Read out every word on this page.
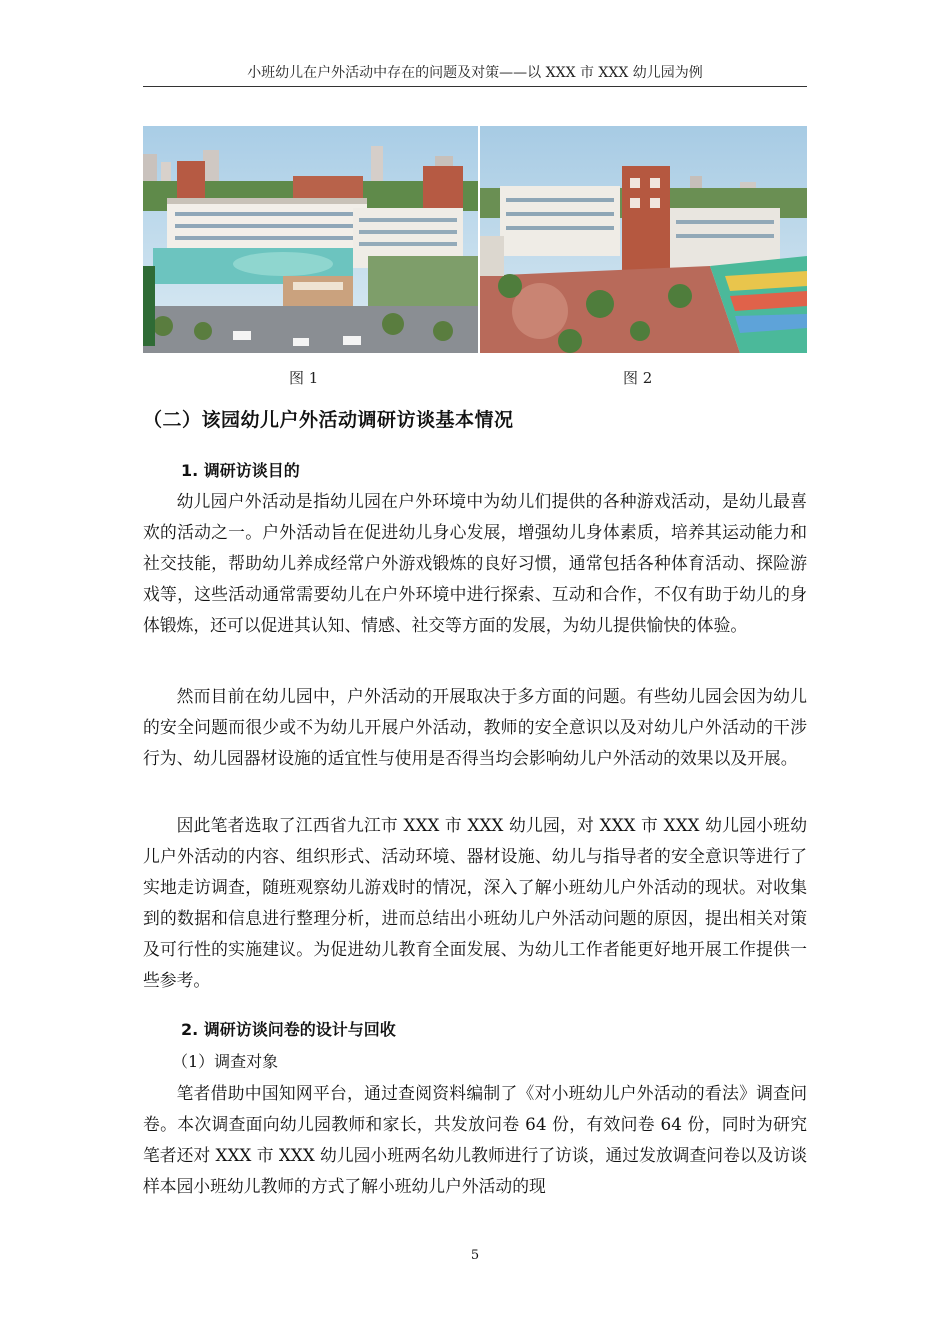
小班幼儿在户外活动中存在的问题及对策——以 XXX 市 XXX 幼儿园为例
图 1	图 2
（二）该园幼儿户外活动调研访谈基本情况
1. 调研访谈目的

幼儿园户外活动是指幼儿园在户外环境中为幼儿们提供的各种游戏活动，是幼儿最喜欢的活动之一。户外活动旨在促进幼儿身心发展，增强幼儿身体素质，培养其运动能力和社交技能，帮助幼儿养成经常户外游戏锻炼的良好习惯，通常包括各种体育活动、探险游戏等，这些活动通常需要幼儿在户外环境中进行探索、互动和合作，不仅有助于幼儿的身体锻炼，还可以促进其认知、情感、社交等方面的发展，为幼儿提供愉快的体验。

然而目前在幼儿园中，户外活动的开展取决于多方面的问题。有些幼儿园会因为幼儿的安全问题而很少或不为幼儿开展户外活动，教师的安全意识以及对幼儿户外活动的干涉行为、幼儿园器材设施的适宜性与使用是否得当均会影响幼儿户外活动的效果以及开展。

因此笔者选取了江西省九江市 XXX 市 XXX 幼儿园，对 XXX 市 XXX 幼儿园小班幼儿户外活动的内容、组织形式、活动环境、器材设施、幼儿与指导者的安全意识等进行了实地走访调查，随班观察幼儿游戏时的情况，深入了解小班幼儿户外活动的现状。对收集到的数据和信息进行整理分析，进而总结出小班幼儿户外活动问题的原因，提出相关对策及可行性的实施建议。为促进幼儿教育全面发展、为幼儿工作者能更好地开展工作提供一些参考。

2. 调研访谈问卷的设计与回收
（1）调查对象

笔者借助中国知网平台，通过查阅资料编制了《对小班幼儿户外活动的看法》调查问卷。本次调查面向幼儿园教师和家长，共发放问卷 64 份，有效问卷 64 份，同时为研究笔者还对 XXX 市 XXX 幼儿园小班两名幼儿教师进行了访谈，通过发放调查问卷以及访谈样本园小班幼儿教师的方式了解小班幼儿户外活动的现

5
